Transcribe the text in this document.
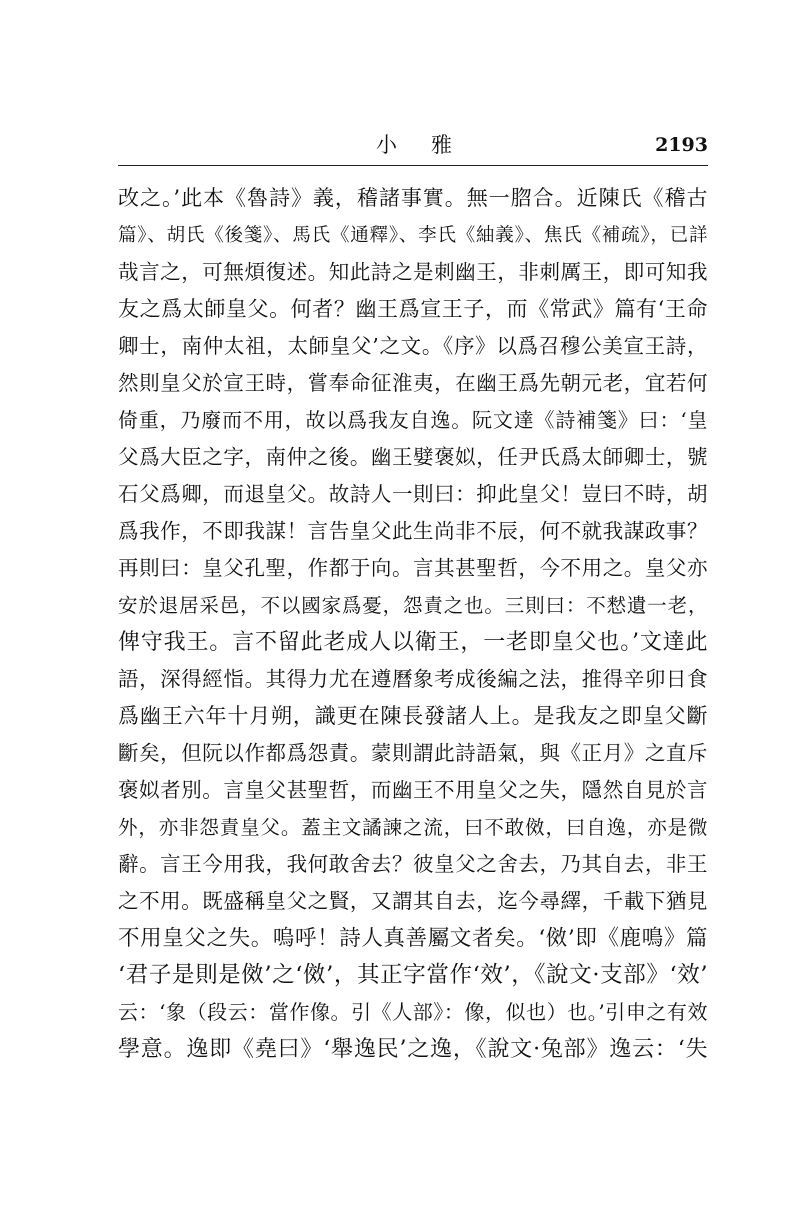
小雅	2193
改之。’此本《魯詩》義，稽諸事實。無一脗合。近陳氏《稽古
篇》、胡氏《後箋》、馬氏《通釋》、李氏《紬義》、焦氏《補疏》，已詳
哉言之，可無煩復述。知此詩之是刺幽王，非刺厲王，即可知我
友之爲太師皇父。何者？幽王爲宣王子，而《常武》篇有‘王命
卿士，南仲太祖，太師皇父’之文。《序》以爲召穆公美宣王詩，
然則皇父於宣王時，嘗奉命征淮夷，在幽王爲先朝元老，宜若何
倚重，乃廢而不用，故以爲我友自逸。阮文達《詩補箋》曰：‘皇
父爲大臣之字，南仲之後。幽王嬖褒姒，任尹氏爲太師卿士，號
石父爲卿，而退皇父。故詩人一則曰：抑此皇父！豈曰不時，胡
爲我作，不即我謀！言告皇父此生尚非不辰，何不就我謀政事？
再則曰：皇父孔聖，作都于向。言其甚聖哲，今不用之。皇父亦
安於退居采邑，不以國家爲憂，怨責之也。三則曰：不慭遺一老，
俾守我王。言不留此老成人以衛王，一老即皇父也。’文達此
語，深得經恉。其得力尤在遵曆象考成後編之法，推得辛卯日食
爲幽王六年十月朔，識更在陳長發諸人上。是我友之即皇父斷
斷矣，但阮以作都爲怨責。蒙則謂此詩語氣，與《正月》之直斥
褒姒者別。言皇父甚聖哲，而幽王不用皇父之失，隱然自見於言
外，亦非怨責皇父。蓋主文譎諫之流，曰不敢傚，曰自逸，亦是微
辭。言王今用我，我何敢舍去？彼皇父之舍去，乃其自去，非王
之不用。既盛稱皇父之賢，又謂其自去，迄今尋繹，千載下猶見
不用皇父之失。嗚呼！詩人真善屬文者矣。‘傚’即《鹿鳴》篇
‘君子是則是傚’之‘傚’，其正字當作‘效’，《說文·支部》‘效’
云：‘象（段云：當作像。引《人部》：像，似也）也。’引申之有效
學意。逸即《堯曰》‘舉逸民’之逸，《說文·兔部》逸云：‘失
